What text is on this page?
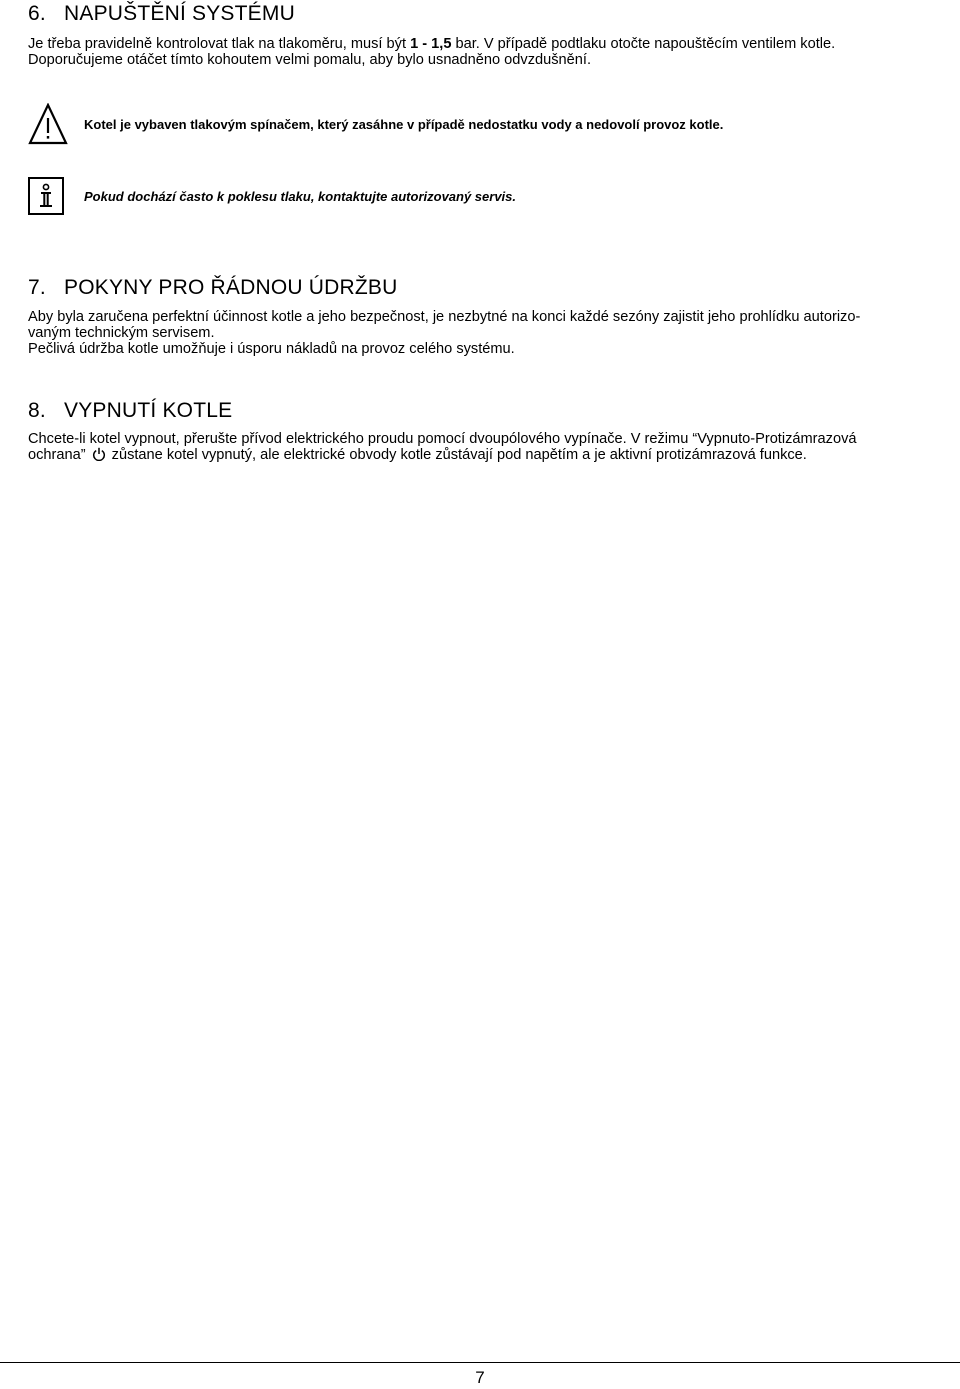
6. NAPUŠTĚNÍ SYSTÉMU

Je třeba pravidelně kontrolovat tlak na tlakoměru, musí být 1 - 1,5 bar. V případě podtlaku otočte napouštěcím ventilem kotle.
Doporučujeme otáčet tímto kohoutem velmi pomalu, aby bylo usnadněno odvzdušnění.

Kotel je vybaven tlakovým spínačem, který zasáhne v případě nedostatku vody a nedovolí provoz kotle.

Pokud dochází často k poklesu tlaku, kontaktujte autorizovaný servis.

7. POKYNY PRO ŘÁDNOU ÚDRŽBU

Aby byla zaručena perfektní účinnost kotle a jeho bezpečnost, je nezbytné na konci každé sezóny zajistit jeho prohlídku autorizo-
vaným technickým servisem.
Pečlivá údržba kotle umožňuje i úsporu nákladů na provoz celého systému.

8. VYPNUTÍ KOTLE

Chcete-li kotel vypnout, přerušte přívod elektrického proudu pomocí dvoupólového vypínače. V režimu “Vypnuto-Protizámrazová
ochrana” zůstane kotel vypnutý, ale elektrické obvody kotle zůstávají pod napětím a je aktivní protizámrazová funkce.

7
